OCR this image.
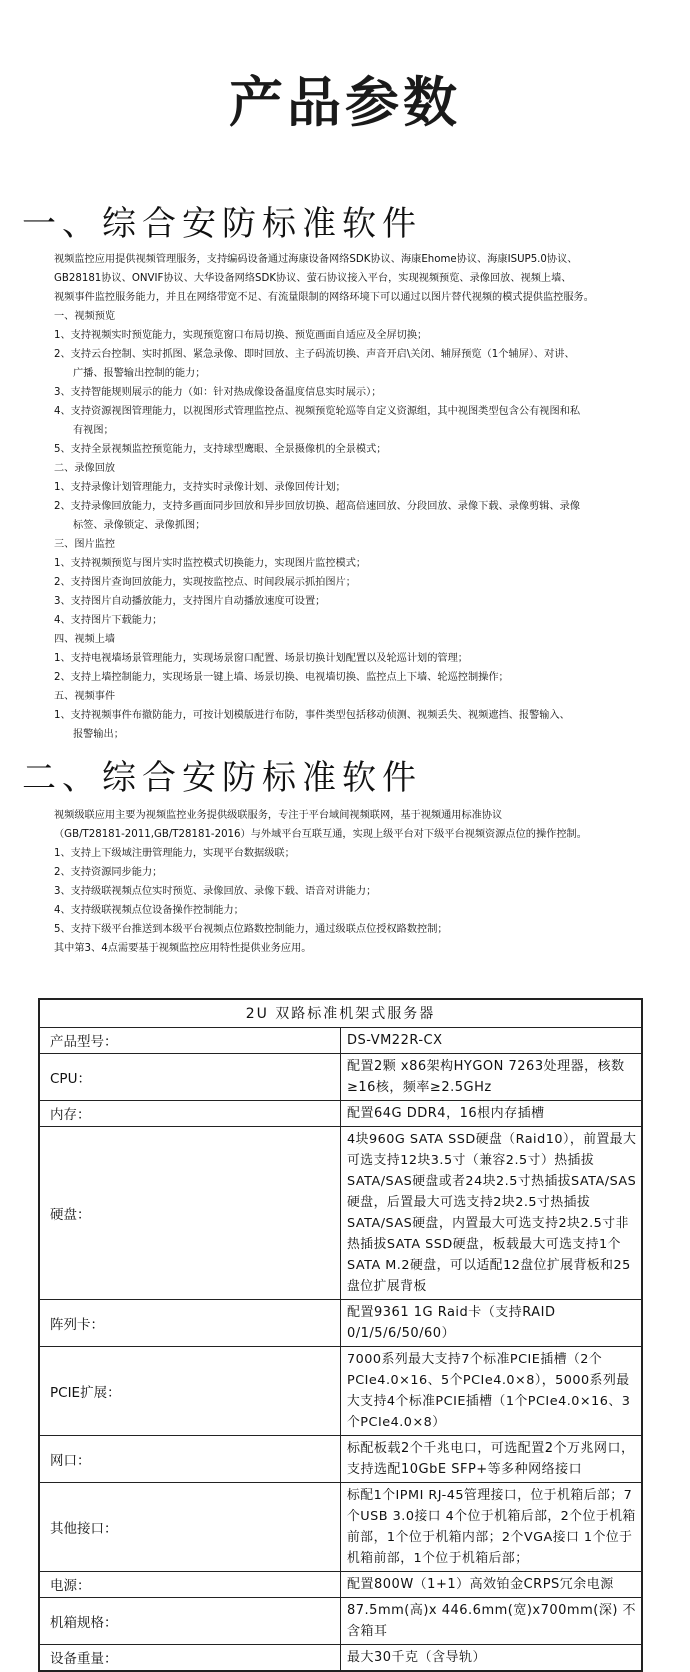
产品参数
一、综合安防标准软件
视频监控应用提供视频管理服务，支持编码设备通过海康设备网络SDK协议、海康Ehome协议、海康ISUP5.0协议、
GB28181协议、ONVIF协议、大华设备网络SDK协议、萤石协议接入平台，实现视频预览、录像回放、视频上墙、
视频事件监控服务能力，并且在网络带宽不足、有流量限制的网络环境下可以通过以图片替代视频的模式提供监控服务。
一、视频预览
1、支持视频实时预览能力，实现预览窗口布局切换、预览画面自适应及全屏切换；
2、支持云台控制、实时抓图、紧急录像、即时回放、主子码流切换、声音开启\关闭、辅屏预览（1个辅屏）、对讲、
广播、报警输出控制的能力；
3、支持智能规则展示的能力（如：针对热成像设备温度信息实时展示）；
4、支持资源视图管理能力，以视图形式管理监控点、视频预览轮巡等自定义资源组，其中视图类型包含公有视图和私
有视图；
5、支持全景视频监控预览能力，支持球型鹰眼、全景摄像机的全景模式；
二、录像回放
1、支持录像计划管理能力，支持实时录像计划、录像回传计划；
2、支持录像回放能力，支持多画面同步回放和异步回放切换、超高倍速回放、分段回放、录像下载、录像剪辑、录像
标签、录像锁定、录像抓图；
三、图片监控
1、支持视频预览与图片实时监控模式切换能力，实现图片监控模式；
2、支持图片查询回放能力，实现按监控点、时间段展示抓拍图片；
3、支持图片自动播放能力，支持图片自动播放速度可设置；
4、支持图片下载能力；
四、视频上墙
1、支持电视墙场景管理能力，实现场景窗口配置、场景切换计划配置以及轮巡计划的管理；
2、支持上墙控制能力，实现场景一键上墙、场景切换、电视墙切换、监控点上下墙、轮巡控制操作；
五、视频事件
1、支持视频事件布撤防能力，可按计划模版进行布防，事件类型包括移动侦测、视频丢失、视频遮挡、报警输入、
报警输出；
二、综合安防标准软件
视频级联应用主要为视频监控业务提供级联服务，专注于平台域间视频联网，基于视频通用标准协议
（GB/T28181-2011,GB/T28181-2016）与外域平台互联互通，实现上级平台对下级平台视频资源点位的操作控制。
1、支持上下级域注册管理能力，实现平台数据级联；
2、支持资源同步能力；
3、支持级联视频点位实时预览、录像回放、录像下载、语音对讲能力；
4、支持级联视频点位设备操作控制能力；
5、支持下级平台推送到本级平台视频点位路数控制能力，通过级联点位授权路数控制；
其中第3、4点需要基于视频监控应用特性提供业务应用。
2U 双路标准机架式服务器	
产品型号：	DS-VM22R-CX
CPU：	配置2颗 x86架构HYGON 7263处理器，核数≥16核，频率≥2.5GHz
内存：	配置64G DDR4，16根内存插槽
硬盘：	4块960G SATA SSD硬盘（Raid10），前置最大可选支持12块3.5寸（兼容2.5寸）热插拔SATA/SAS硬盘或者24块2.5寸热插拔SATA/SAS硬盘，后置最大可选支持2块2.5寸热插拔SATA/SAS硬盘，内置最大可选支持2块2.5寸非热插拔SATA SSD硬盘，板载最大可选支持1个SATA M.2硬盘，可以适配12盘位扩展背板和25盘位扩展背板
阵列卡：	配置9361 1G Raid卡（支持RAID 0/1/5/6/50/60）
PCIE扩展：	7000系列最大支持7个标准PCIE插槽（2个PCIe4.0×16、5个PCIe4.0×8），5000系列最大支持4个标准PCIE插槽（1个PCIe4.0×16、3个PCIe4.0×8）
网口：	标配板载2个千兆电口，可选配置2个万兆网口，支持选配10GbE SFP+等多种网络接口
其他接口：	标配1个IPMI RJ-45管理接口，位于机箱后部；7个USB 3.0接口 4个位于机箱后部，2个位于机箱前部，1个位于机箱内部；2个VGA接口 1个位于机箱前部，1个位于机箱后部；
电源：	配置800W（1+1）高效铂金CRPS冗余电源
机箱规格：	87.5mm(高)x 446.6mm(宽)x700mm(深) 不含箱耳
设备重量：	最大30千克（含导轨）
